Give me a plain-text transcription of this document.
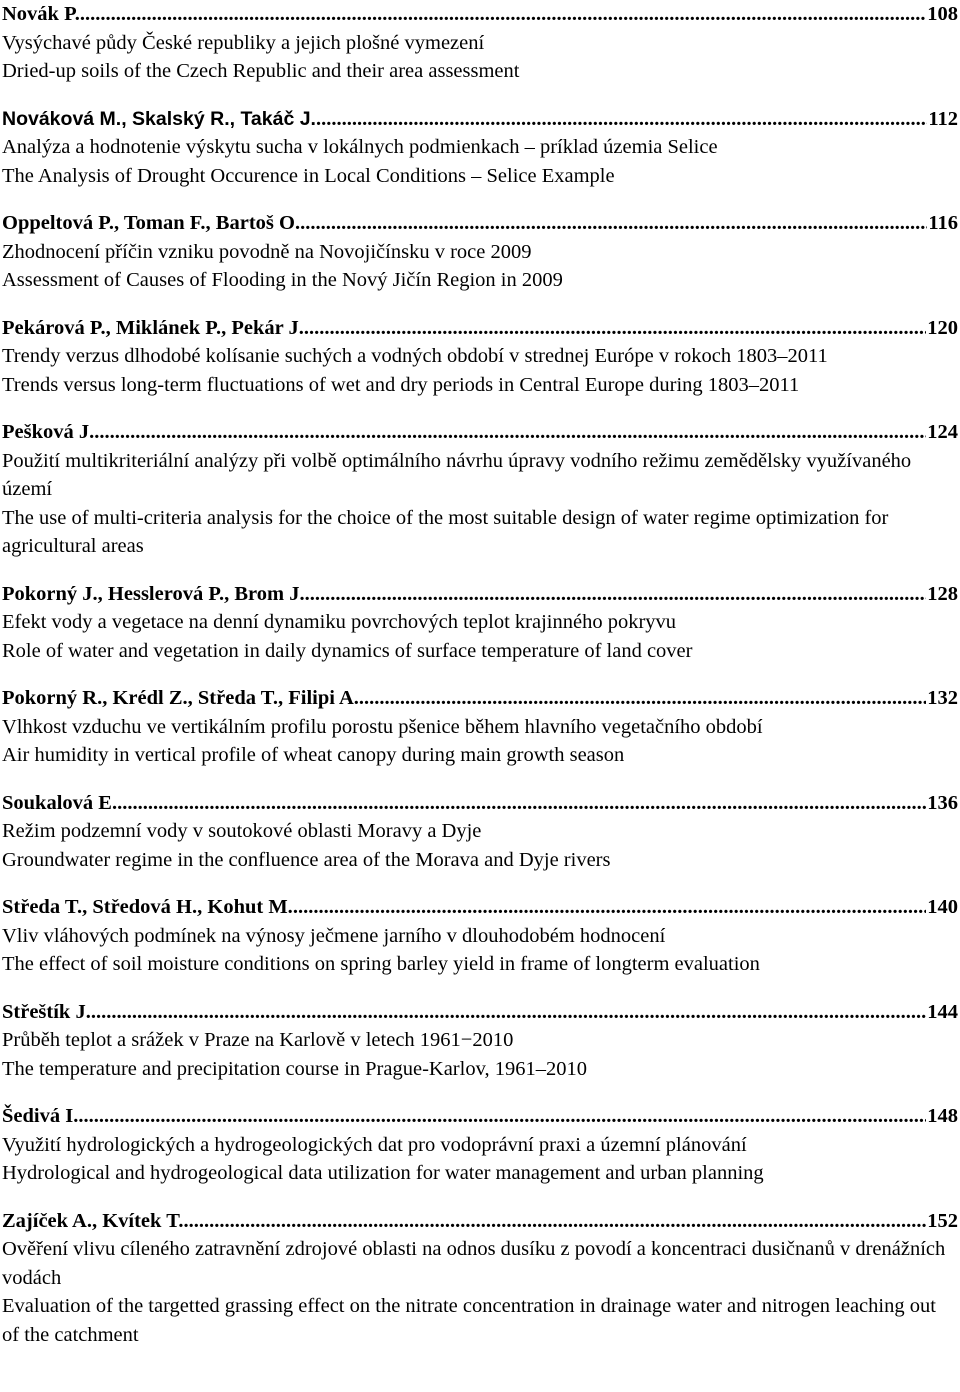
Novák P. .....	108
Vysýchavé půdy České republiky a jejich plošné vymezení
Dried-up soils of the Czech Republic and their area assessment
Nováková M., Skalský R., Takáč J. .....	112
Analýza a hodnotenie výskytu sucha v lokálnych podmienkach – príklad územia Selice
The Analysis of Drought Occurence in Local Conditions – Selice Example
Oppeltová P., Toman F., Bartoš O. .....	116
Zhodnocení příčin vzniku povodně na Novojičínsku v roce 2009
Assessment of Causes of Flooding in the Nový Jičín Region in 2009
Pekárová P., Miklánek P., Pekár J. .....	120
Trendy verzus dlhodobé kolísanie suchých a vodných období v strednej Európe v rokoch 1803–2011
Trends versus long-term fluctuations of wet and dry periods in Central Europe during 1803–2011
Pešková J. .....	124
Použití multikriteriální analýzy při volbě optimálního návrhu úpravy vodního režimu zemědělsky využívaného území
The use of multi-criteria analysis for the choice of the most suitable design of water regime optimization for agricultural areas
Pokorný J., Hesslerová P., Brom J. .....	128
Efekt vody a vegetace na denní dynamiku povrchových teplot krajinného pokryvu
Role of water and vegetation in daily dynamics of surface temperature of land cover
Pokorný R., Krédl Z., Středa T., Filipi A. .....	132
Vlhkost vzduchu ve vertikálním profilu porostu pšenice během hlavního vegetačního období
Air humidity in vertical profile of wheat canopy during main growth season
Soukalová E. .....	136
Režim podzemní vody v soutokové oblasti Moravy a Dyje
Groundwater regime in the confluence area of the Morava and Dyje rivers
Středa T., Středová H., Kohut M. .....	140
Vliv vláhových podmínek na výnosy ječmene jarního v dlouhodobém hodnocení
The effect of soil moisture conditions on spring barley yield in frame of longterm evaluation
Střeštík J. .....	144
Průběh teplot a srážek v Praze na Karlově v letech 1961−2010
The temperature and precipitation course in Prague-Karlov, 1961–2010
Šedivá I. .....	148
Využití hydrologických a hydrogeologických dat pro vodoprávní praxi a územní plánování
Hydrological and hydrogeological data utilization for water management and urban planning
Zajíček A., Kvítek T. .....	152
Ověření vlivu cíleného zatravnění zdrojové oblasti na odnos dusíku z povodí a koncentraci dusičnanů v drenážních vodách
Evaluation of the targetted grassing effect on the nitrate concentration in drainage water and nitrogen leaching out of the catchment
